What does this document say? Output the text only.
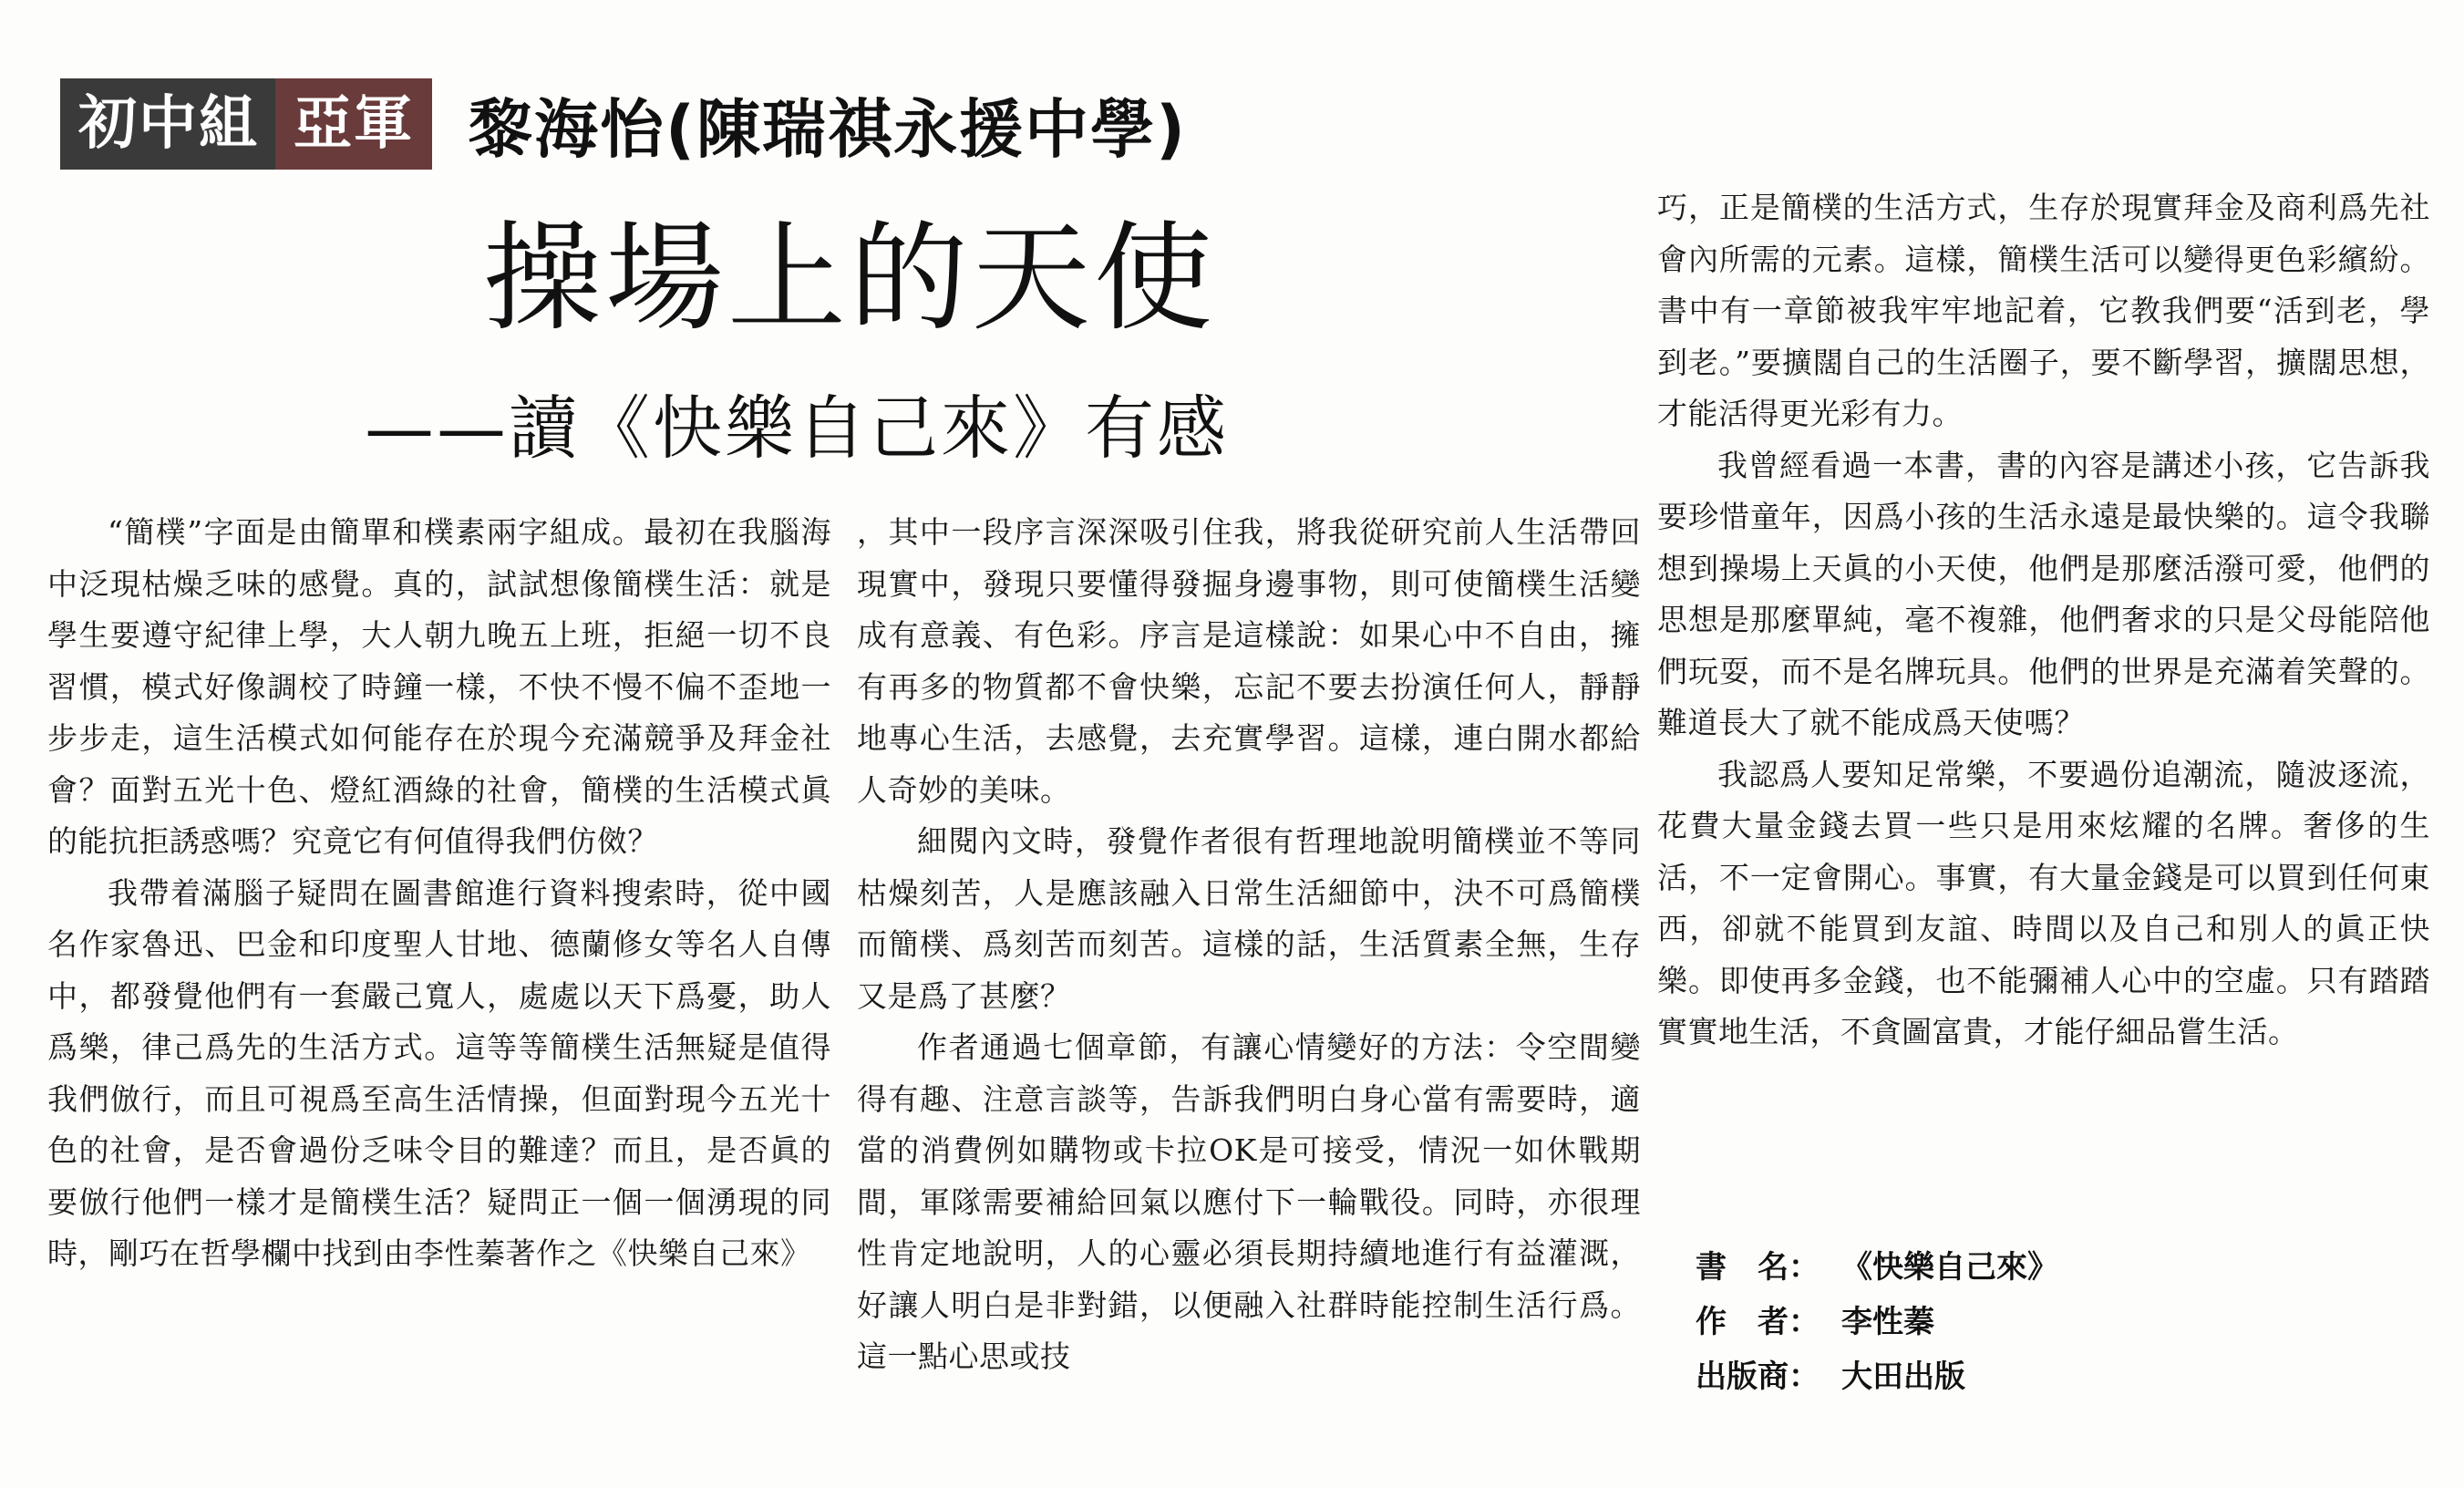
初中組 亞軍 黎海怡(陳瑞祺永援中學)
操場上的天使
——讀《快樂自己來》有感

“簡樸”字面是由簡單和樸素兩字組成。最初在我腦海中泛現枯燥乏味的感覺。真的，試試想像簡樸生活：就是學生要遵守紀律上學，大人朝九晚五上班，拒絕一切不良習慣，模式好像調校了時鐘一樣，不快不慢不偏不歪地一步步走，這生活模式如何能存在於現今充滿競爭及拜金社會？面對五光十色、燈紅酒綠的社會，簡樸的生活模式眞的能抗拒誘惑嗎？究竟它有何值得我們仿傚？

我帶着滿腦子疑問在圖書館進行資料搜索時，從中國名作家魯迅、巴金和印度聖人甘地、德蘭修女等名人自傳中，都發覺他們有一套嚴己寬人，處處以天下爲憂，助人爲樂，律己爲先的生活方式。這等等簡樸生活無疑是值得我們倣行，而且可視爲至高生活情操，但面對現今五光十色的社會，是否會過份乏味令目的難達？而且，是否眞的要倣行他們一樣才是簡樸生活？疑問正一個一個湧現的同時，剛巧在哲學欄中找到由李性蓁著作之《快樂自己來》

，其中一段序言深深吸引住我，將我從研究前人生活帶回現實中，發現只要懂得發掘身邊事物，則可使簡樸生活變成有意義、有色彩。序言是這樣說：如果心中不自由，擁有再多的物質都不會快樂，忘記不要去扮演任何人，靜靜地專心生活，去感覺，去充實學習。這樣，連白開水都給人奇妙的美味。

細閱內文時，發覺作者很有哲理地說明簡樸並不等同枯燥刻苦，人是應該融入日常生活細節中，決不可爲簡樸而簡樸、爲刻苦而刻苦。這樣的話，生活質素全無，生存又是爲了甚麼？

作者通過七個章節，有讓心情變好的方法：令空間變得有趣、注意言談等，告訴我們明白身心當有需要時，適當的消費例如購物或卡拉OK是可接受，情況一如休戰期間，軍隊需要補給回氣以應付下一輪戰役。同時，亦很理性肯定地說明，人的心靈必須長期持續地進行有益灌溉，好讓人明白是非對錯，以便融入社群時能控制生活行爲。這一點心思或技

巧，正是簡樸的生活方式，生存於現實拜金及商利爲先社會內所需的元素。這樣，簡樸生活可以變得更色彩繽紛。書中有一章節被我牢牢地記着，它教我們要“活到老，學到老。”要擴闊自己的生活圈子，要不斷學習，擴闊思想，才能活得更光彩有力。

我曾經看過一本書，書的內容是講述小孩，它告訴我要珍惜童年，因爲小孩的生活永遠是最快樂的。這令我聯想到操場上天眞的小天使，他們是那麼活潑可愛，他們的思想是那麼單純，毫不複雜，他們奢求的只是父母能陪他們玩耍，而不是名牌玩具。他們的世界是充滿着笑聲的。難道長大了就不能成爲天使嗎？

我認爲人要知足常樂，不要過份追潮流，隨波逐流，花費大量金錢去買一些只是用來炫耀的名牌。奢侈的生活，不一定會開心。事實，有大量金錢是可以買到任何東西，卻就不能買到友誼、時間以及自己和別人的眞正快樂。即使再多金錢，也不能彌補人心中的空虛。只有踏踏實實地生活，不貪圖富貴，才能仔細品嘗生活。

書　名： 《快樂自己來》
作　者： 李性蓁
出版商： 大田出版
